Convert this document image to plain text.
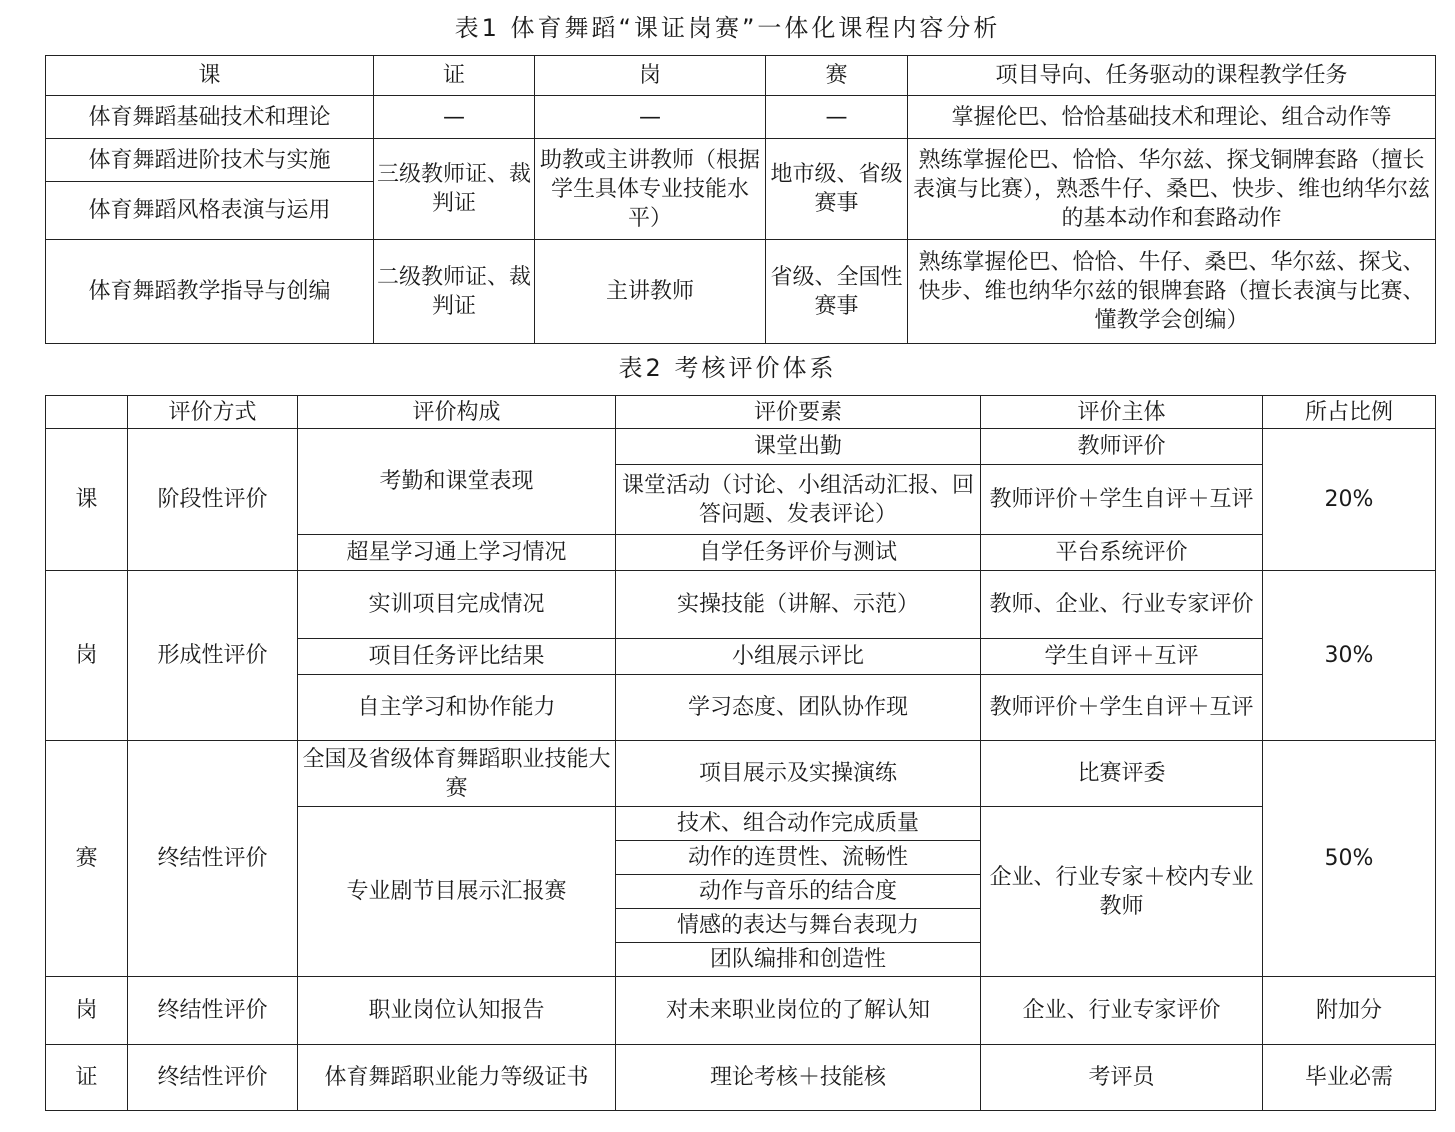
表1 体育舞蹈“课证岗赛”一体化课程内容分析
课	证	岗	赛	项目导向、任务驱动的课程教学任务
体育舞蹈基础技术和理论	—	—	—	掌握伦巴、恰恰基础技术和理论、组合动作等
体育舞蹈进阶技术与实施	三级教师证、裁判证	助教或主讲教师（根据学生具体专业技能水平）	地市级、省级赛事	熟练掌握伦巴、恰恰、华尔兹、探戈铜牌套路（擅长表演与比赛），熟悉牛仔、桑巴、快步、维也纳华尔兹的基本动作和套路动作
体育舞蹈风格表演与运用				
体育舞蹈教学指导与创编	二级教师证、裁判证	主讲教师	省级、全国性赛事	熟练掌握伦巴、恰恰、牛仔、桑巴、华尔兹、探戈、快步、维也纳华尔兹的银牌套路（擅长表演与比赛、懂教学会创编）
表2 考核评价体系
	评价方式	评价构成	评价要素	评价主体	所占比例
课	阶段性评价	考勤和课堂表现	课堂出勤	教师评价	20%
			课堂活动（讨论、小组活动汇报、回答问题、发表评论）	教师评价＋学生自评＋互评	
		超星学习通上学习情况	自学任务评价与测试	平台系统评价	
岗	形成性评价	实训项目完成情况	实操技能（讲解、示范）	教师、企业、行业专家评价	30%
		项目任务评比结果	小组展示评比	学生自评＋互评	
		自主学习和协作能力	学习态度、团队协作现	教师评价＋学生自评＋互评	
赛	终结性评价	全国及省级体育舞蹈职业技能大赛	项目展示及实操演练	比赛评委	50%
		专业剧节目展示汇报赛	技术、组合动作完成质量	企业、行业专家＋校内专业教师	
			动作的连贯性、流畅性		
			动作与音乐的结合度		
			情感的表达与舞台表现力		
			团队编排和创造性		
岗	终结性评价	职业岗位认知报告	对未来职业岗位的了解认知	企业、行业专家评价	附加分
证	终结性评价	体育舞蹈职业能力等级证书	理论考核＋技能核	考评员	毕业必需
